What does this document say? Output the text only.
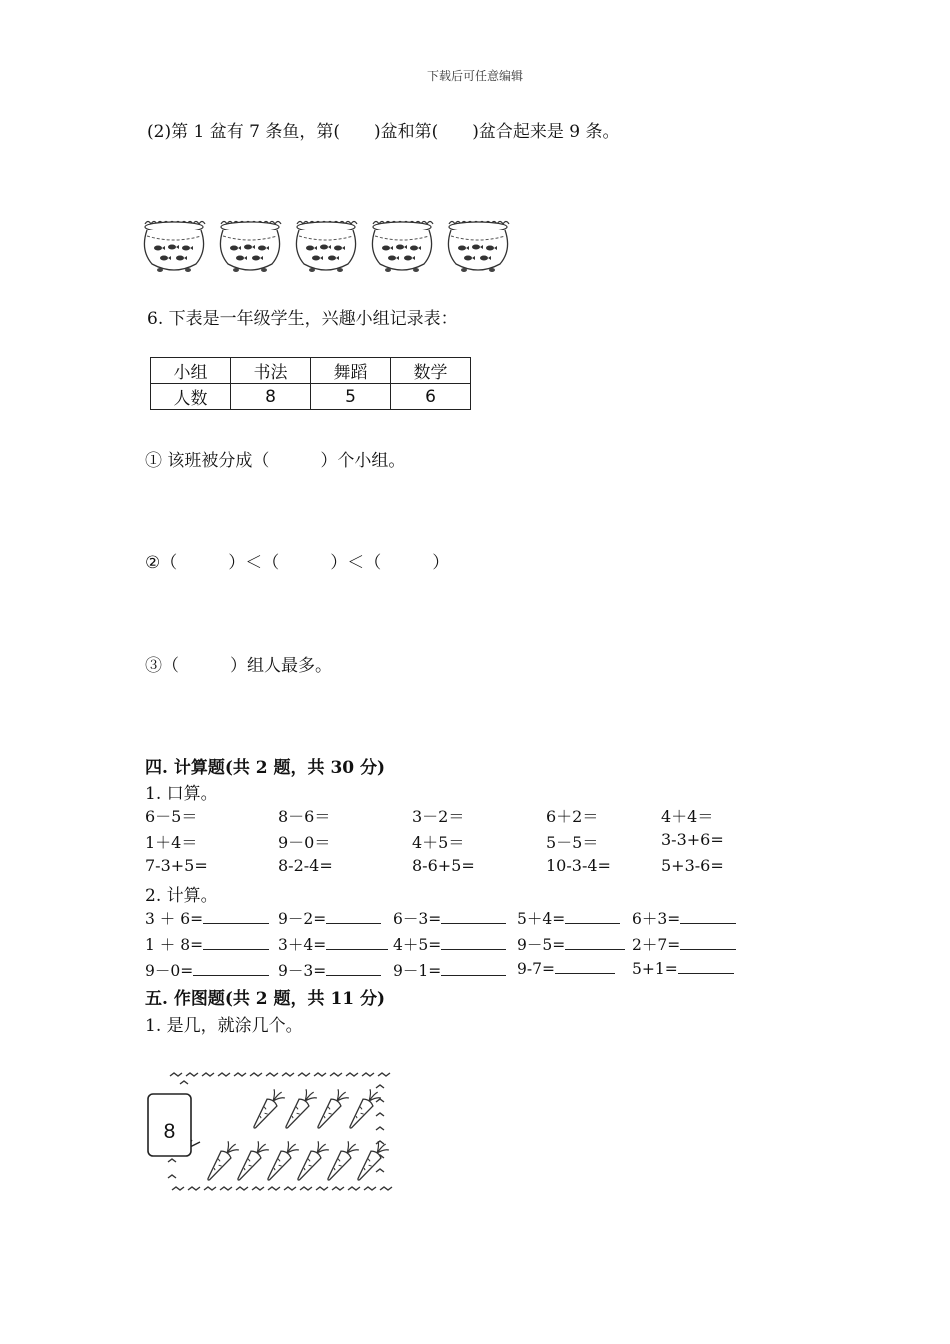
下载后可任意编辑
(2)第 1 盆有 7 条鱼，第(　　)盆和第(　　)盆合起来是 9 条。
6. 下表是一年级学生，兴趣小组记录表：
小组	书法	舞蹈	数学
人数	8	5	6
① 该班被分成（　　　）个小组。
②（　　　）＜（　　　）＜（　　　）
③（　　　）组人最多。
四. 计算题(共 2 题，共 30 分)
1. 口算。
6－5＝	8－6＝	3－2＝	6＋2＝	4＋4＝
1＋4＝	9－0＝	4＋5＝	5－5＝	3-3+6=
7-3+5=	8-2-4=	8-6+5=	10-3-4=	5+3-6=
2. 计算。
3 ＋ 6=	9－2=	6－3=	5＋4=	6＋3=
1 ＋ 8=	3＋4=	4＋5=	9－5=	2＋7=
9－0=	9－3=	9－1=	9-7=	5+1=
五. 作图题(共 2 题，共 11 分)
1. 是几，就涂几个。
8
